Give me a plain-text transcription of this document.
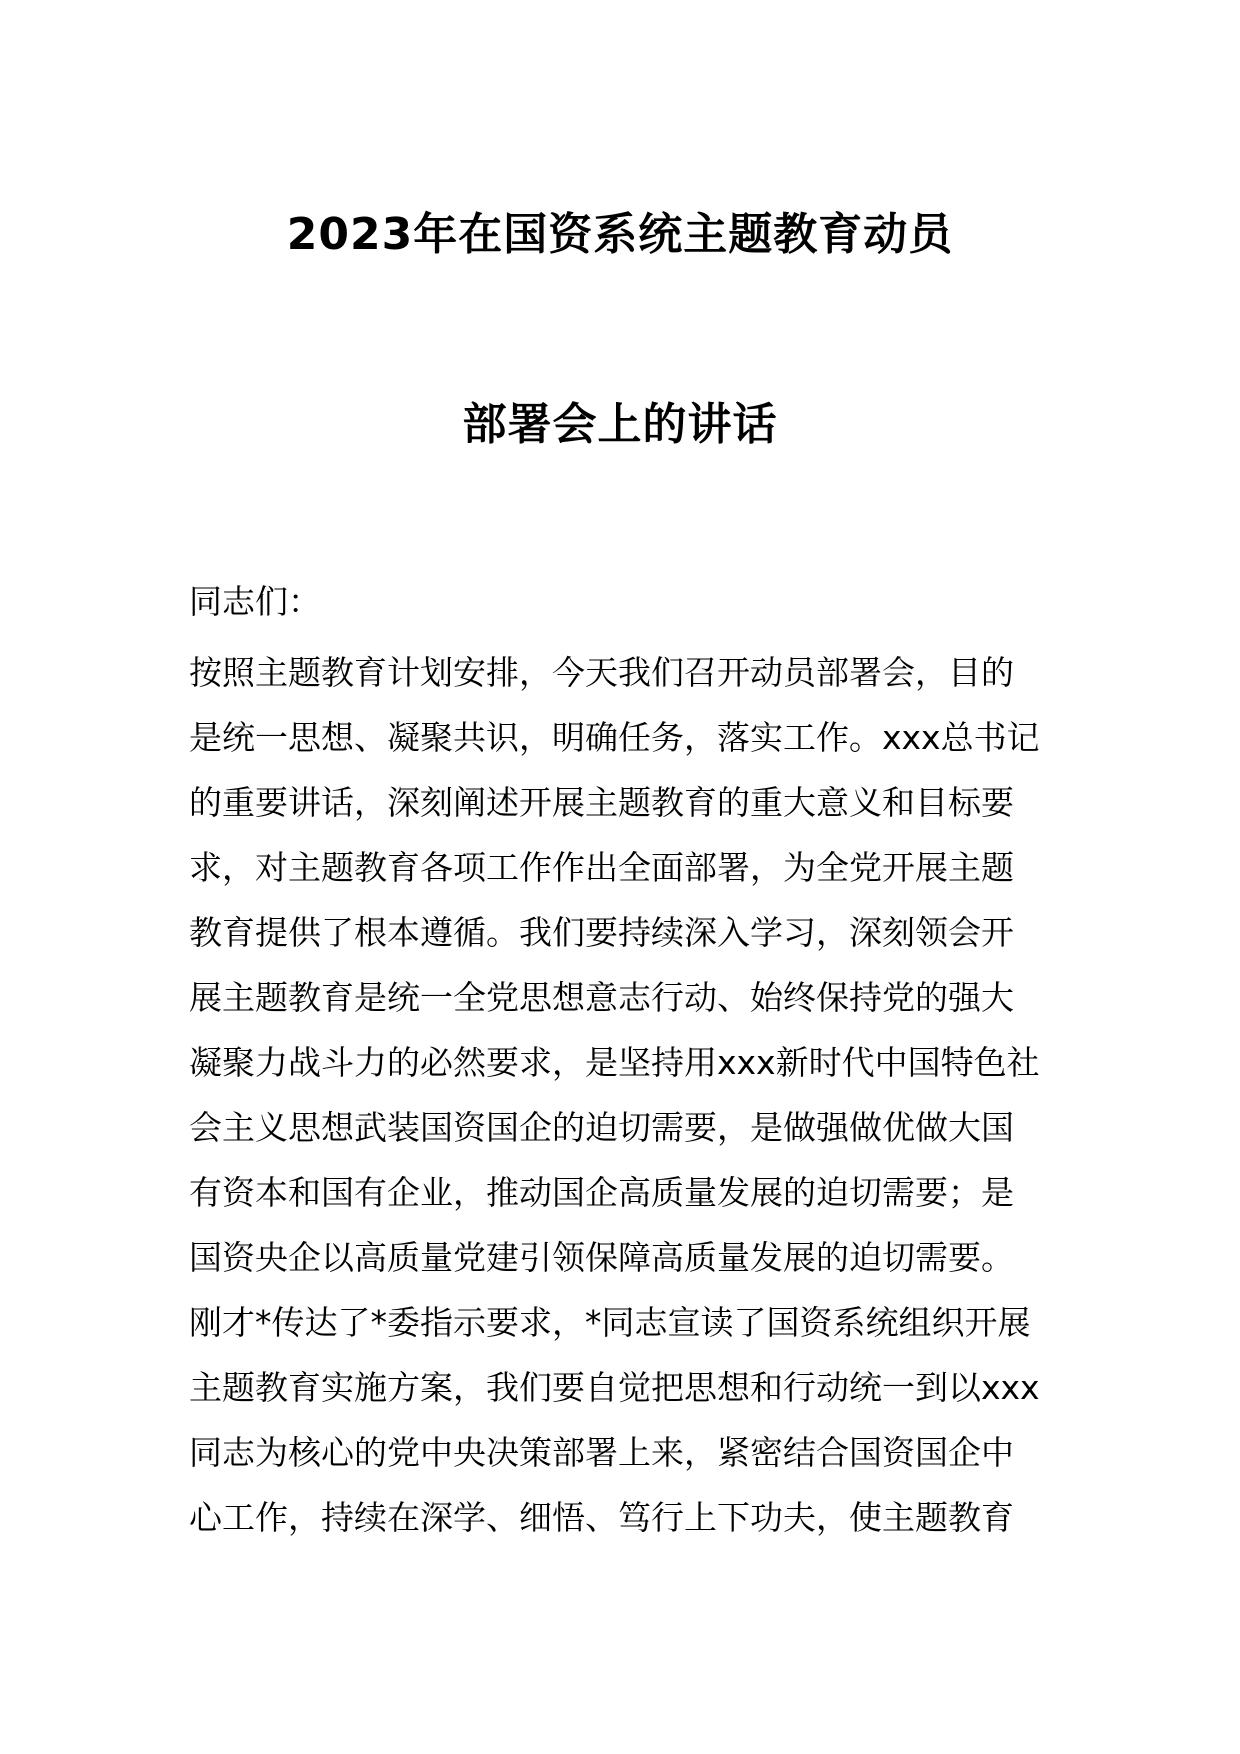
2023年在国资系统主题教育动员
部署会上的讲话
同志们：
按照主题教育计划安排，今天我们召开动员部署会，目的
是统一思想、凝聚共识，明确任务，落实工作。xxx总书记
的重要讲话，深刻阐述开展主题教育的重大意义和目标要
求，对主题教育各项工作作出全面部署，为全党开展主题
教育提供了根本遵循。我们要持续深入学习，深刻领会开
展主题教育是统一全党思想意志行动、始终保持党的强大
凝聚力战斗力的必然要求，是坚持用xxx新时代中国特色社
会主义思想武装国资国企的迫切需要，是做强做优做大国
有资本和国有企业，推动国企高质量发展的迫切需要；是
国资央企以高质量党建引领保障高质量发展的迫切需要。
刚才*传达了*委指示要求，*同志宣读了国资系统组织开展
主题教育实施方案，我们要自觉把思想和行动统一到以xxx
同志为核心的党中央决策部署上来，紧密结合国资国企中
心工作，持续在深学、细悟、笃行上下功夫，使主题教育
